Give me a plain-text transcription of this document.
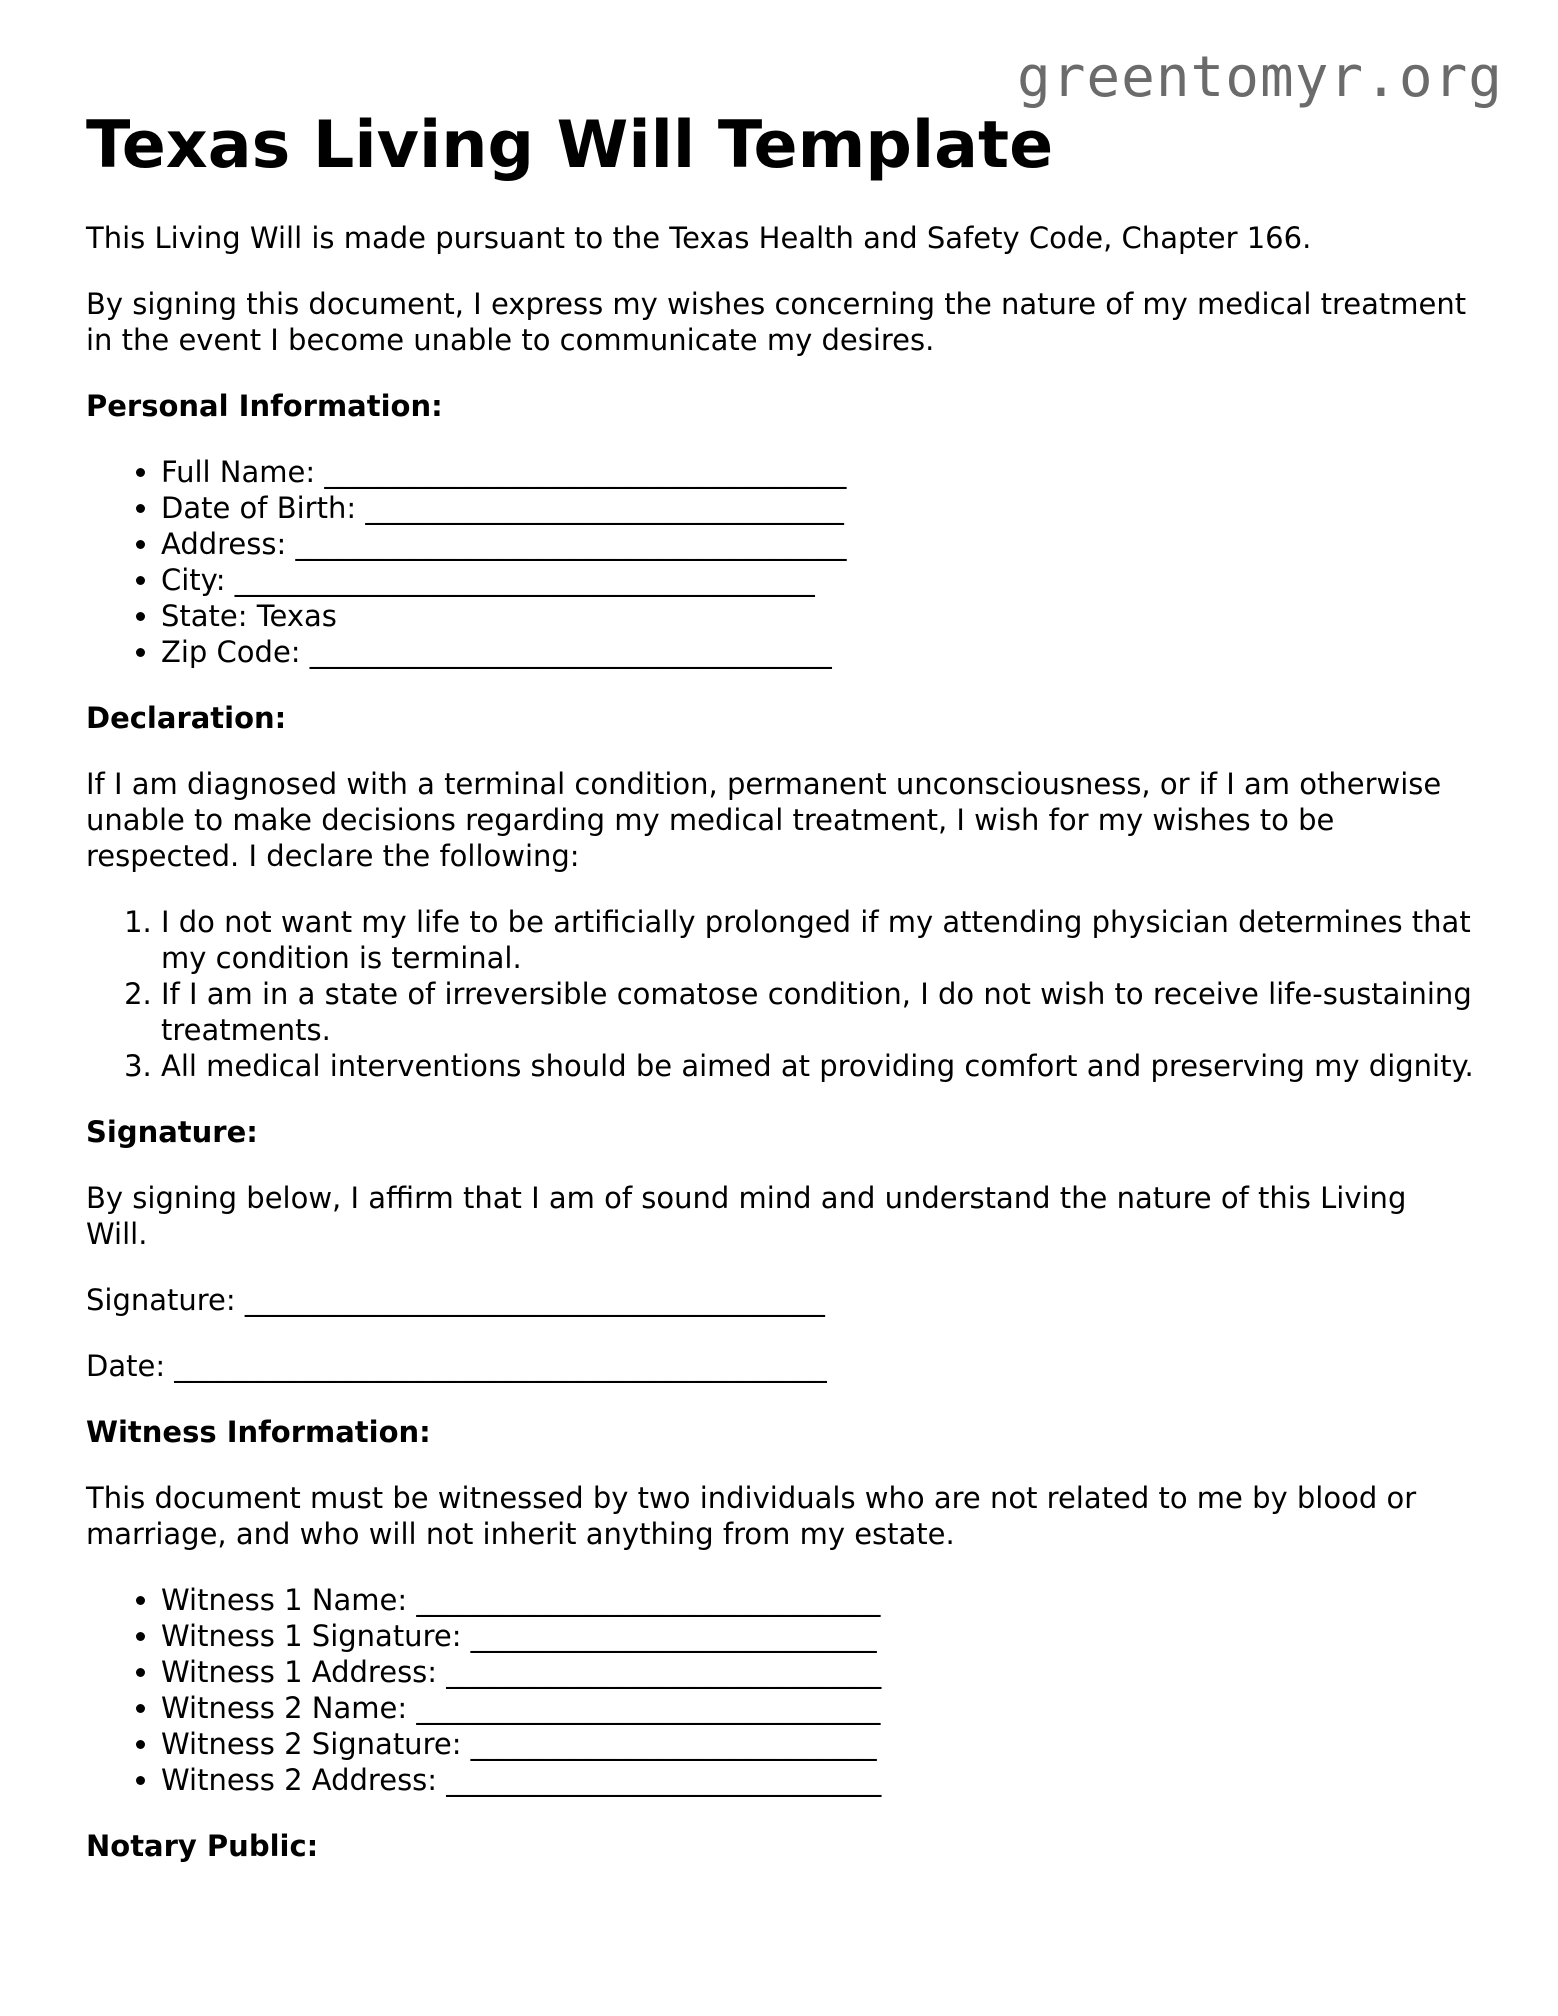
greentomyr.org
Texas Living Will Template

This Living Will is made pursuant to the Texas Health and Safety Code, Chapter 166.

By signing this document, I express my wishes concerning the nature of my medical treatment in the event I become unable to communicate my desires.

Personal Information:
• Full Name: ____________________________________
• Date of Birth: _________________________________
• Address: ______________________________________
• City: ________________________________________
• State: Texas
• Zip Code: ____________________________________
Declaration:

If I am diagnosed with a terminal condition, permanent unconsciousness, or if I am otherwise unable to make decisions regarding my medical treatment, I wish for my wishes to be respected. I declare the following:

1. I do not want my life to be artificially prolonged if my attending physician determines that my condition is terminal.
2. If I am in a state of irreversible comatose condition, I do not wish to receive life-sustaining treatments.
3. All medical interventions should be aimed at providing comfort and preserving my dignity.
Signature:

By signing below, I affirm that I am of sound mind and understand the nature of this Living Will.

Signature: ________________________________________

Date: _____________________________________________

Witness Information:

This document must be witnessed by two individuals who are not related to me by blood or marriage, and who will not inherit anything from my estate.

• Witness 1 Name: ________________________________
• Witness 1 Signature: ____________________________
• Witness 1 Address: ______________________________
• Witness 2 Name: ________________________________
• Witness 2 Signature: ____________________________
• Witness 2 Address: ______________________________
Notary Public:
